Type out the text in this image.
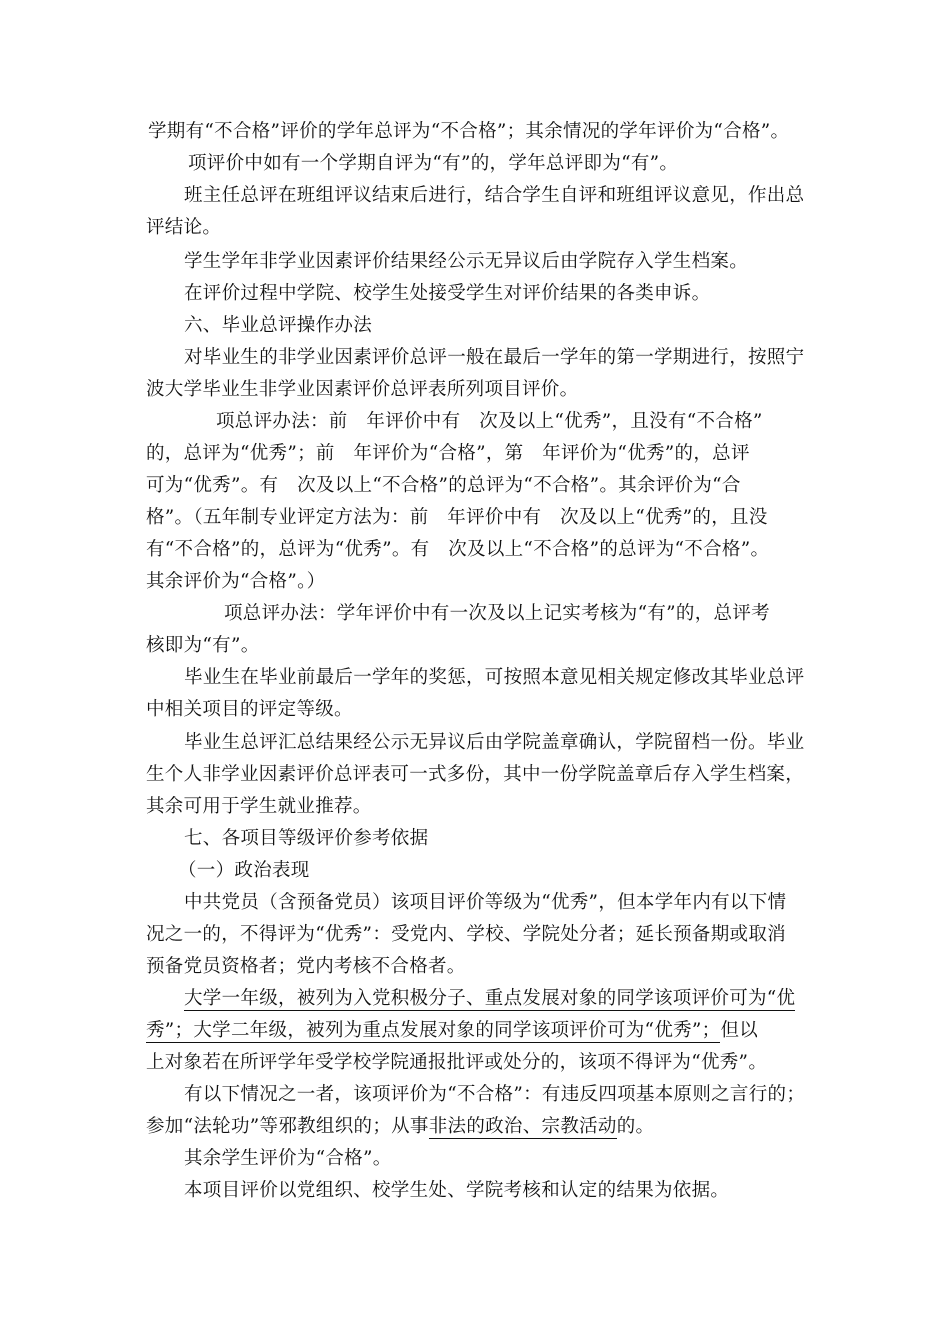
学期有“不合格”评价的学年总评为“不合格”；其余情况的学年评价为“合格”。
项评价中如有一个学期自评为“有”的，学年总评即为“有”。
班主任总评在班组评议结束后进行，结合学生自评和班组评议意见，作出总
评结论。
学生学年非学业因素评价结果经公示无异议后由学院存入学生档案。
在评价过程中学院、校学生处接受学生对评价结果的各类申诉。
六、毕业总评操作办法
对毕业生的非学业因素评价总评一般在最后一学年的第一学期进行，按照宁
波大学毕业生非学业因素评价总评表所列项目评价。
项总评办法：前　年评价中有　次及以上“优秀”，且没有“不合格”
的，总评为“优秀”；前　年评价为“合格”，第　年评价为“优秀”的，总评
可为“优秀”。有　次及以上“不合格”的总评为“不合格”。其余评价为“合
格”。（五年制专业评定方法为：前　年评价中有　次及以上“优秀”的，且没
有“不合格”的，总评为“优秀”。有　次及以上“不合格”的总评为“不合格”。
其余评价为“合格”。）
项总评办法：学年评价中有一次及以上记实考核为“有”的，总评考
核即为“有”。
毕业生在毕业前最后一学年的奖惩，可按照本意见相关规定修改其毕业总评
中相关项目的评定等级。
毕业生总评汇总结果经公示无异议后由学院盖章确认，学院留档一份。毕业
生个人非学业因素评价总评表可一式多份，其中一份学院盖章后存入学生档案，
其余可用于学生就业推荐。
七、各项目等级评价参考依据
（一）政治表现
中共党员（含预备党员）该项目评价等级为“优秀”，但本学年内有以下情
况之一的，不得评为“优秀”：受党内、学校、学院处分者；延长预备期或取消
预备党员资格者；党内考核不合格者。
大学一年级，被列为入党积极分子、重点发展对象的同学该项评价可为“优
秀”；大学二年级，被列为重点发展对象的同学该项评价可为“优秀”；但以
上对象若在所评学年受学校学院通报批评或处分的，该项不得评为“优秀”。
有以下情况之一者，该项评价为“不合格”：有违反四项基本原则之言行的；
参加“法轮功”等邪教组织的；从事非法的政治、宗教活动的。
其余学生评价为“合格”。
本项目评价以党组织、校学生处、学院考核和认定的结果为依据。
